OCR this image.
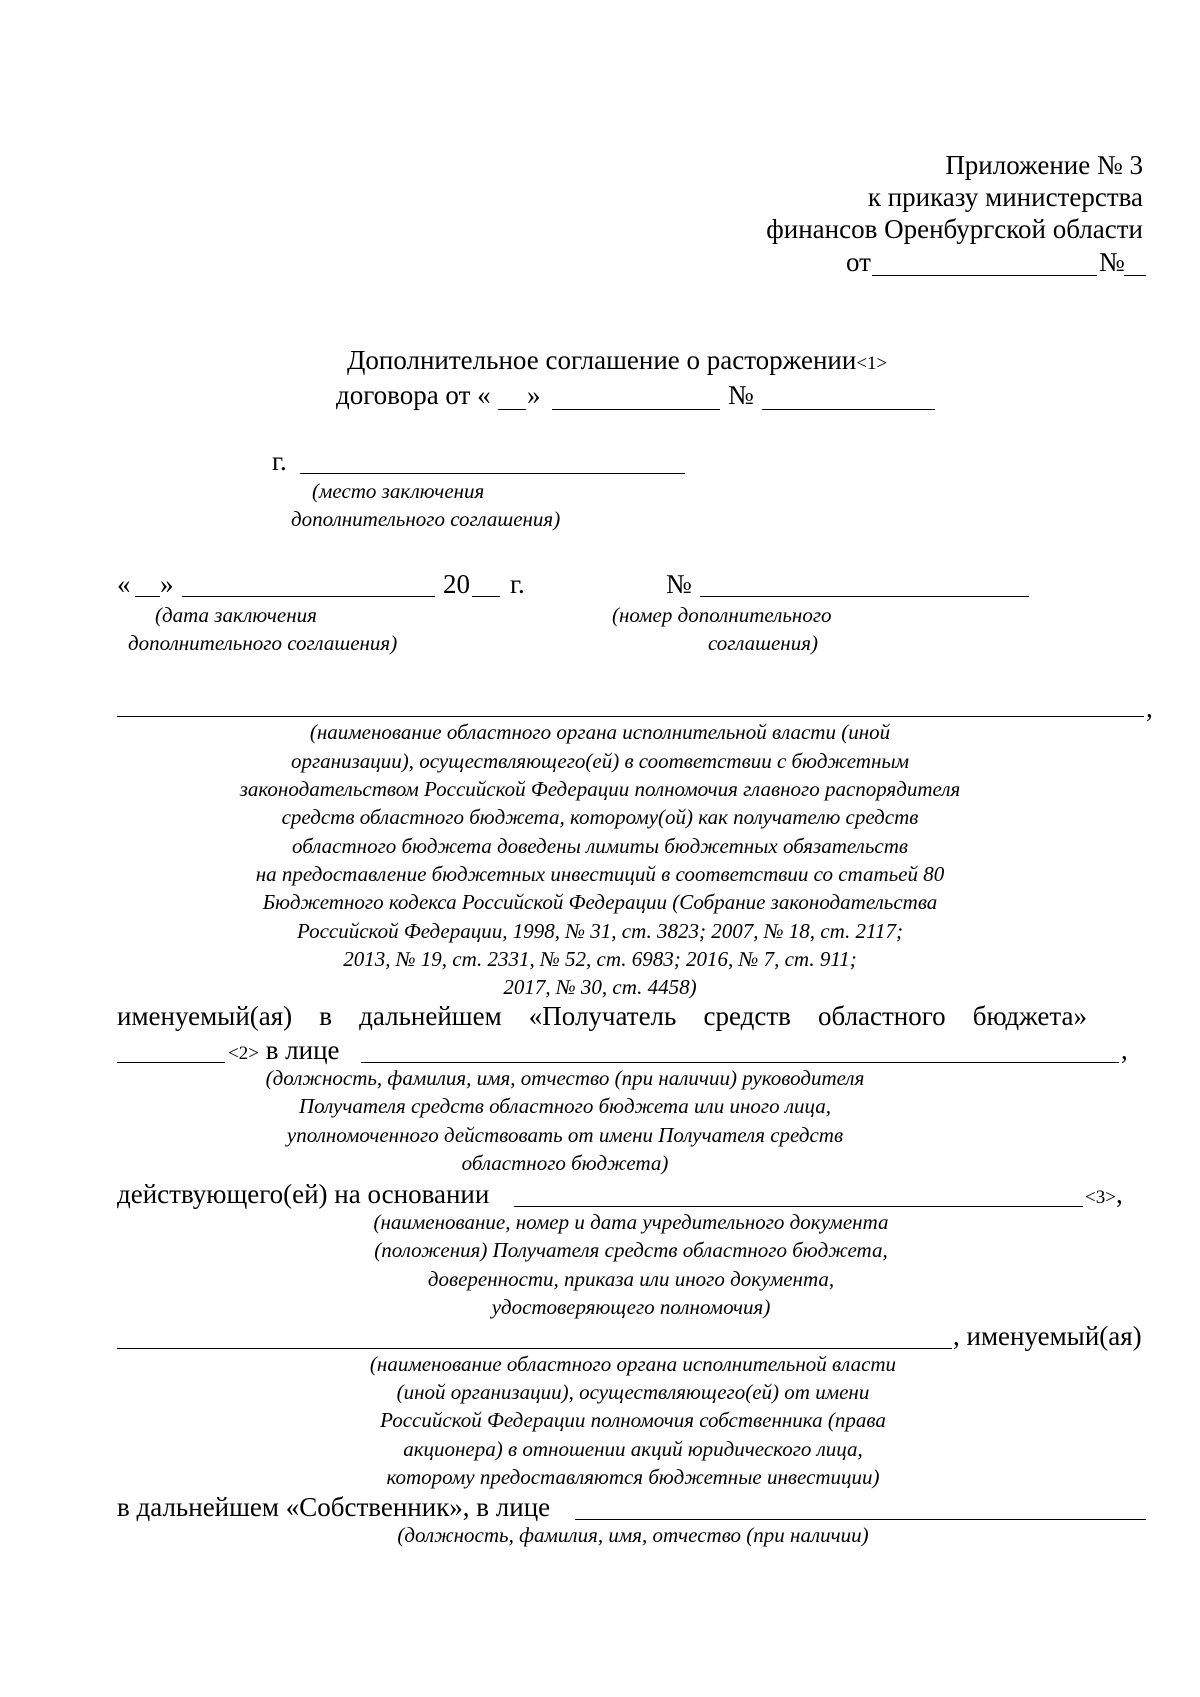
Приложение № 3
к приказу министерства
финансов Оренбургской области
от	№
Дополнительное соглашение о расторжении<1>
договора от « »	№
г.
(место заключения
дополнительного соглашения)
« »	20 г.	№
(дата заключения
дополнительного соглашения)
(номер дополнительного
соглашения)
,
(наименование областного органа исполнительной власти (иной
организации), осуществляющего(ей) в соответствии с бюджетным
законодательством Российской Федерации полномочия главного распорядителя
средств областного бюджета, которому(ой) как получателю средств
областного бюджета доведены лимиты бюджетных обязательств
на предоставление бюджетных инвестиций в соответствии со статьей 80
Бюджетного кодекса Российской Федерации (Собрание законодательства
Российской Федерации, 1998, № 31, ст. 3823; 2007, № 18, ст. 2117;
2013, № 19, ст. 2331, № 52, ст. 6983; 2016, № 7, ст. 911;
2017, № 30, ст. 4458)
именуемый(ая) в дальнейшем «Получатель средств областного бюджета»
<2> в лице	,
(должность, фамилия, имя, отчество (при наличии) руководителя
Получателя средств областного бюджета или иного лица,
уполномоченного действовать от имени Получателя средств
областного бюджета)
действующего(ей) на основании	<3>,
(наименование, номер и дата учредительного документа
(положения) Получателя средств областного бюджета,
доверенности, приказа или иного документа,
удостоверяющего полномочия)
, именуемый(ая)
(наименование областного органа исполнительной власти
(иной организации), осуществляющего(ей) от имени
Российской Федерации полномочия собственника (права
акционера) в отношении акций юридического лица,
которому предоставляются бюджетные инвестиции)
в дальнейшем «Собственник», в лице
(должность, фамилия, имя, отчество (при наличии)
